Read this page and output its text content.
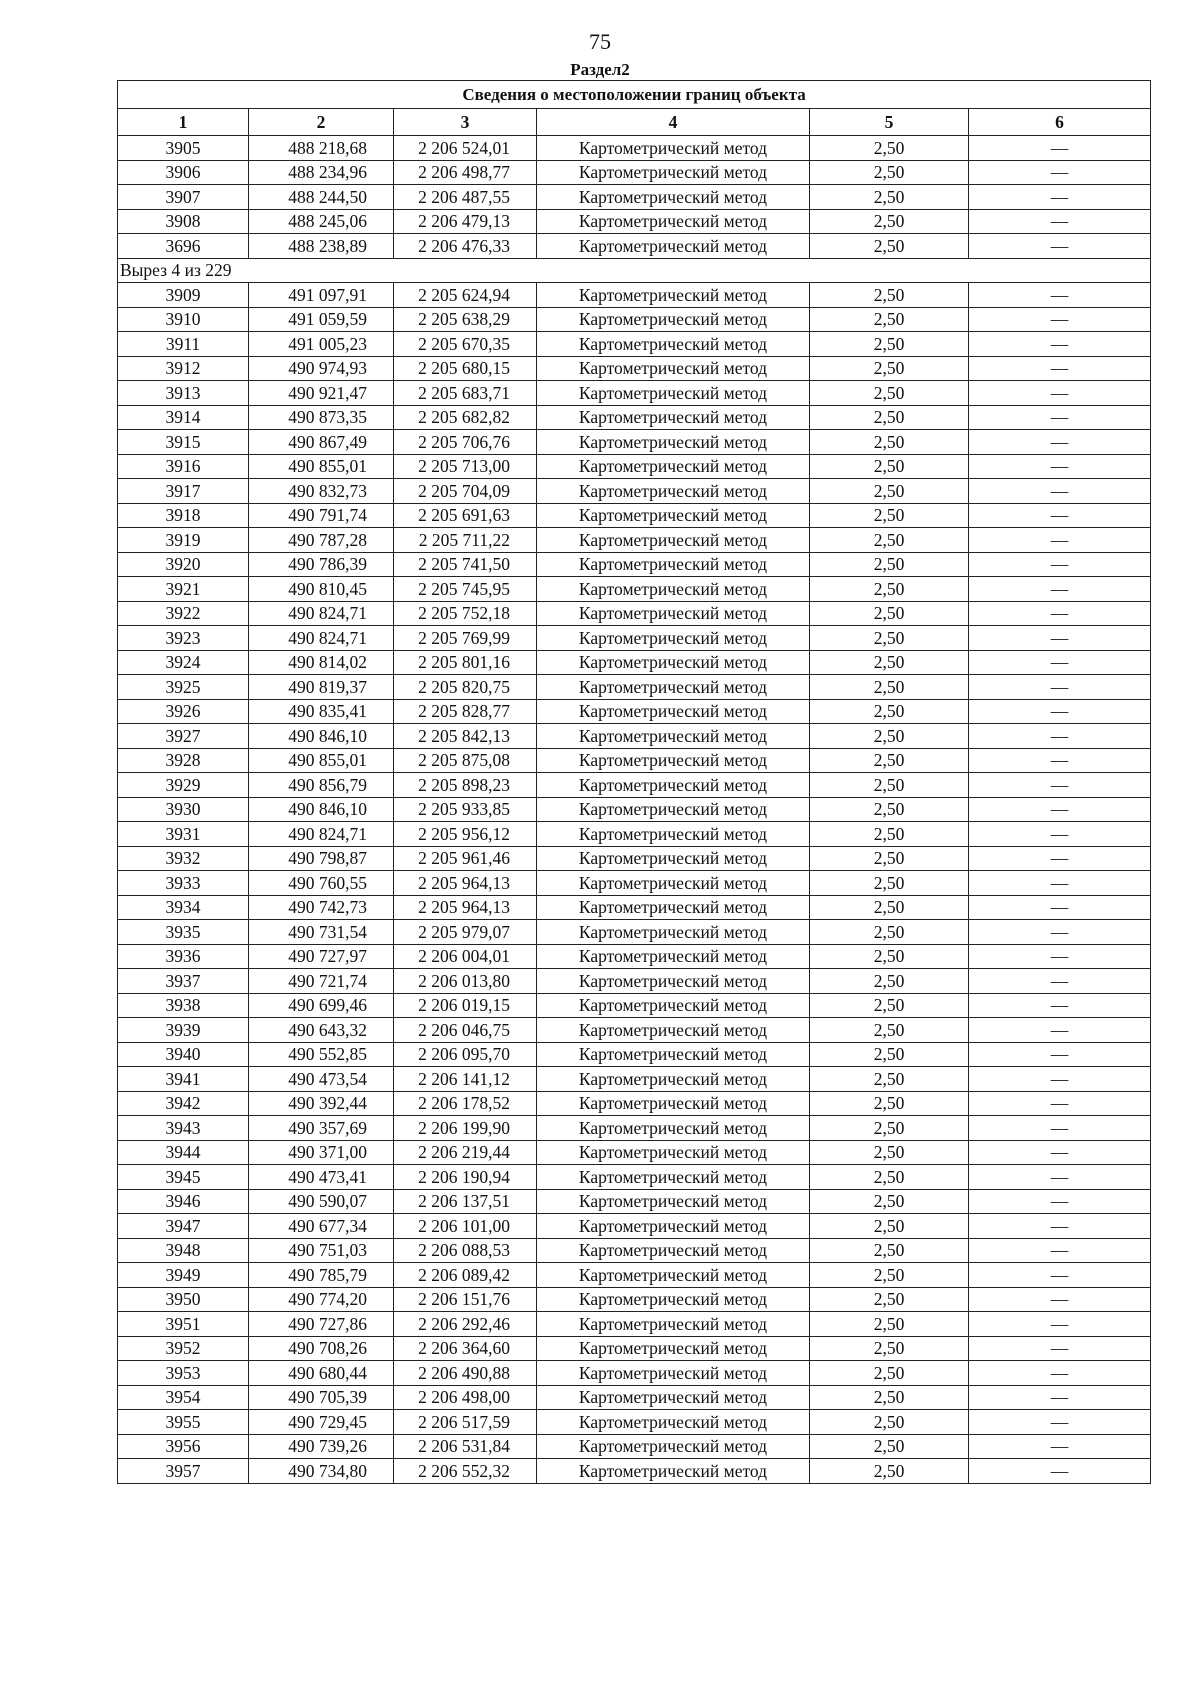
75
Раздел2
Сведения о местоположении границ объекта					
1	2	3	4	5	6
3905	488 218,68	2 206 524,01	Картометрический метод	2,50	—
3906	488 234,96	2 206 498,77	Картометрический метод	2,50	—
3907	488 244,50	2 206 487,55	Картометрический метод	2,50	—
3908	488 245,06	2 206 479,13	Картометрический метод	2,50	—
3696	488 238,89	2 206 476,33	Картометрический метод	2,50	—
Вырез 4 из 229					
3909	491 097,91	2 205 624,94	Картометрический метод	2,50	—
3910	491 059,59	2 205 638,29	Картометрический метод	2,50	—
3911	491 005,23	2 205 670,35	Картометрический метод	2,50	—
3912	490 974,93	2 205 680,15	Картометрический метод	2,50	—
3913	490 921,47	2 205 683,71	Картометрический метод	2,50	—
3914	490 873,35	2 205 682,82	Картометрический метод	2,50	—
3915	490 867,49	2 205 706,76	Картометрический метод	2,50	—
3916	490 855,01	2 205 713,00	Картометрический метод	2,50	—
3917	490 832,73	2 205 704,09	Картометрический метод	2,50	—
3918	490 791,74	2 205 691,63	Картометрический метод	2,50	—
3919	490 787,28	2 205 711,22	Картометрический метод	2,50	—
3920	490 786,39	2 205 741,50	Картометрический метод	2,50	—
3921	490 810,45	2 205 745,95	Картометрический метод	2,50	—
3922	490 824,71	2 205 752,18	Картометрический метод	2,50	—
3923	490 824,71	2 205 769,99	Картометрический метод	2,50	—
3924	490 814,02	2 205 801,16	Картометрический метод	2,50	—
3925	490 819,37	2 205 820,75	Картометрический метод	2,50	—
3926	490 835,41	2 205 828,77	Картометрический метод	2,50	—
3927	490 846,10	2 205 842,13	Картометрический метод	2,50	—
3928	490 855,01	2 205 875,08	Картометрический метод	2,50	—
3929	490 856,79	2 205 898,23	Картометрический метод	2,50	—
3930	490 846,10	2 205 933,85	Картометрический метод	2,50	—
3931	490 824,71	2 205 956,12	Картометрический метод	2,50	—
3932	490 798,87	2 205 961,46	Картометрический метод	2,50	—
3933	490 760,55	2 205 964,13	Картометрический метод	2,50	—
3934	490 742,73	2 205 964,13	Картометрический метод	2,50	—
3935	490 731,54	2 205 979,07	Картометрический метод	2,50	—
3936	490 727,97	2 206 004,01	Картометрический метод	2,50	—
3937	490 721,74	2 206 013,80	Картометрический метод	2,50	—
3938	490 699,46	2 206 019,15	Картометрический метод	2,50	—
3939	490 643,32	2 206 046,75	Картометрический метод	2,50	—
3940	490 552,85	2 206 095,70	Картометрический метод	2,50	—
3941	490 473,54	2 206 141,12	Картометрический метод	2,50	—
3942	490 392,44	2 206 178,52	Картометрический метод	2,50	—
3943	490 357,69	2 206 199,90	Картометрический метод	2,50	—
3944	490 371,00	2 206 219,44	Картометрический метод	2,50	—
3945	490 473,41	2 206 190,94	Картометрический метод	2,50	—
3946	490 590,07	2 206 137,51	Картометрический метод	2,50	—
3947	490 677,34	2 206 101,00	Картометрический метод	2,50	—
3948	490 751,03	2 206 088,53	Картометрический метод	2,50	—
3949	490 785,79	2 206 089,42	Картометрический метод	2,50	—
3950	490 774,20	2 206 151,76	Картометрический метод	2,50	—
3951	490 727,86	2 206 292,46	Картометрический метод	2,50	—
3952	490 708,26	2 206 364,60	Картометрический метод	2,50	—
3953	490 680,44	2 206 490,88	Картометрический метод	2,50	—
3954	490 705,39	2 206 498,00	Картометрический метод	2,50	—
3955	490 729,45	2 206 517,59	Картометрический метод	2,50	—
3956	490 739,26	2 206 531,84	Картометрический метод	2,50	—
3957	490 734,80	2 206 552,32	Картометрический метод	2,50	—
